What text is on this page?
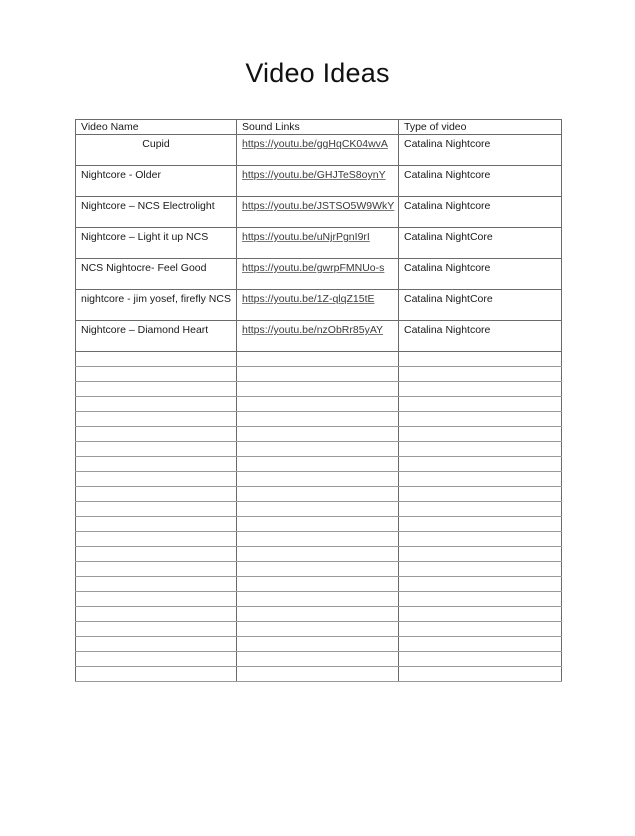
Video Ideas
Video Name	Sound Links	Type of video
Cupid	https://youtu.be/ggHqCK04wvA	Catalina Nightcore
Nightcore - Older	https://youtu.be/GHJTeS8oynY	Catalina Nightcore
Nightcore – NCS Electrolight	https://youtu.be/JSTSO5W9WkY	Catalina Nightcore
Nightcore – Light it up NCS	https://youtu.be/uNjrPgnI9rI	Catalina NightCore
NCS Nightocre- Feel Good	https://youtu.be/gwrpFMNUo-s	Catalina Nightcore
nightcore - jim yosef, firefly NCS	https://youtu.be/1Z-qlqZ15tE	Catalina NightCore
Nightcore – Diamond Heart	https://youtu.be/nzObRr85yAY	Catalina Nightcore
